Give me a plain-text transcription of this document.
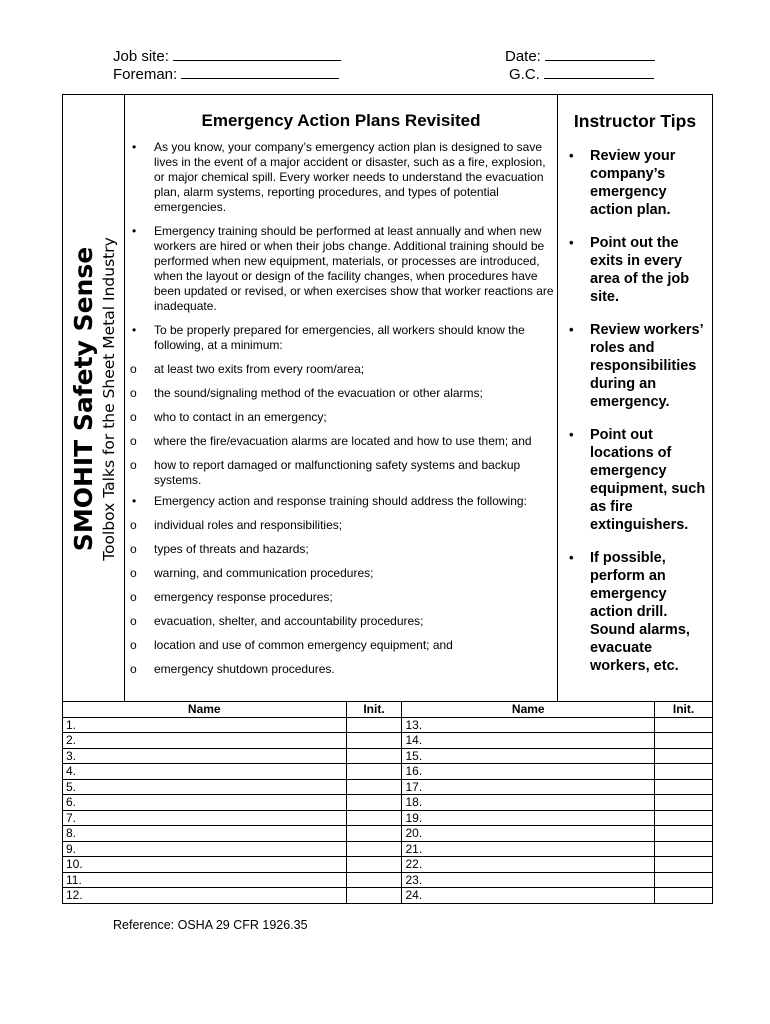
Job site:
Foreman:
Date:
G.C.
SMOHIT Safety Sense Toolbox Talks for the Sheet Metal Industry
Emergency Action Plans Revisited
• As you know, your company’s emergency action plan is designed to save lives in the event of a major accident or disaster, such as a fire, explosion, or major chemical spill. Every worker needs to understand the evacuation plan, alarm systems, reporting procedures, and types of potential emergencies.
• Emergency training should be performed at least annually and when new workers are hired or when their jobs change. Additional training should be performed when new equipment, materials, or processes are introduced, when the layout or design of the facility changes, when procedures have been updated or revised, or when exercises show that worker reactions are inadequate.
• To be properly prepared for emergencies, all workers should know the following, at a minimum:
o at least two exits from every room/area;
o the sound/signaling method of the evacuation or other alarms;
o who to contact in an emergency;
o where the fire/evacuation alarms are located and how to use them; and
o how to report damaged or malfunctioning safety systems and backup systems.
• Emergency action and response training should address the following:
o individual roles and responsibilities;
o types of threats and hazards;
o warning, and communication procedures;
o emergency response procedures;
o evacuation, shelter, and accountability procedures;
o location and use of common emergency equipment; and
o emergency shutdown procedures.
Instructor Tips
• Review your company’s emergency action plan.
• Point out the exits in every area of the job site.
• Review workers’ roles and responsibilities during an emergency.
• Point out locations of emergency equipment, such as fire extinguishers.
• If possible, perform an emergency action drill. Sound alarms, evacuate workers, etc.
Name	Init.	Name	Init.
1.		13.	
2.		14.	
3.		15.	
4.		16.	
5.		17.	
6.		18.	
7.		19.	
8.		20.	
9.		21.	
10.		22.	
11.		23.	
12.		24.	
Reference: OSHA 29 CFR 1926.35
